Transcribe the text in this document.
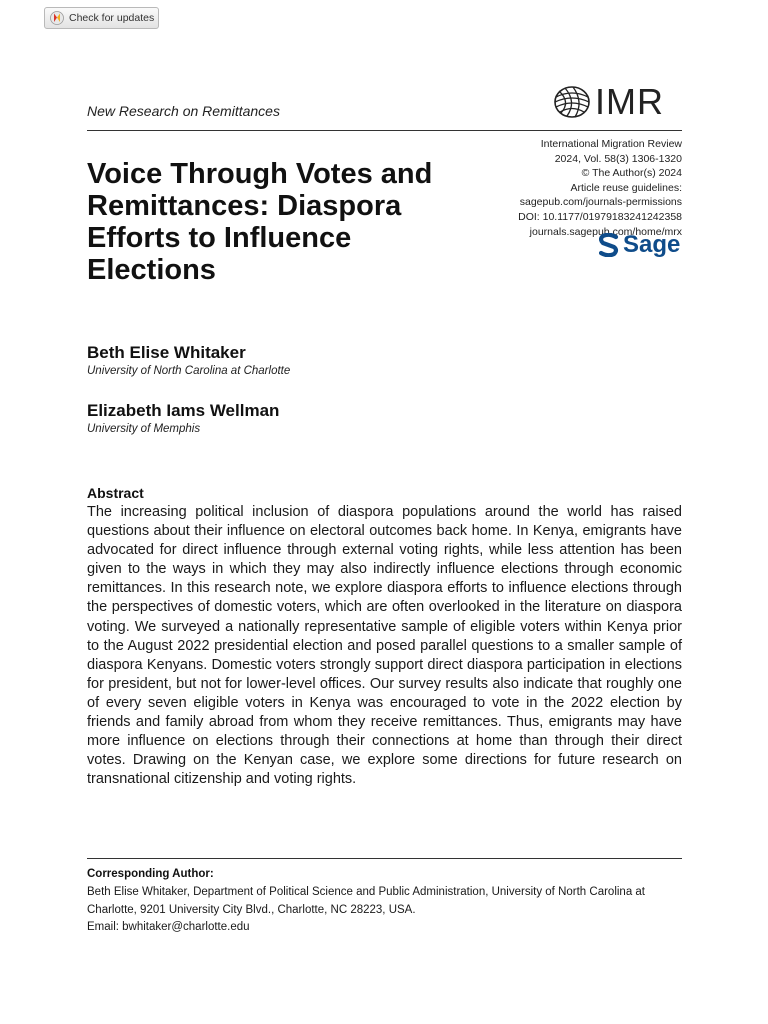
Check for updates
New Research on Remittances	IMR
International Migration Review
2024, Vol. 58(3) 1306-1320
© The Author(s) 2024
Article reuse guidelines:
sagepub.com/journals-permissions
DOI: 10.1177/01979183241242358
journals.sagepub.com/home/mrx
Sage
Voice Through Votes and Remittances: Diaspora Efforts to Influence Elections
Beth Elise Whitaker
University of North Carolina at Charlotte
Elizabeth Iams Wellman
University of Memphis
Abstract
The increasing political inclusion of diaspora populations around the world has raised questions about their influence on electoral outcomes back home. In Kenya, emigrants have advocated for direct influence through external voting rights, while less attention has been given to the ways in which they may also indirectly influence elections through economic remittances. In this research note, we explore diaspora efforts to influence elections through the perspectives of domestic voters, which are often overlooked in the literature on diaspora voting. We surveyed a nationally representative sample of eligible voters within Kenya prior to the August 2022 presidential election and posed parallel questions to a smaller sample of diaspora Kenyans. Domestic voters strongly support direct diaspora participation in elections for president, but not for lower-level offices. Our survey results also indicate that roughly one of every seven eligible voters in Kenya was encouraged to vote in the 2022 election by friends and family abroad from whom they receive remittances. Thus, emigrants may have more influence on elections through their connections at home than through their direct votes. Drawing on the Kenyan case, we explore some directions for future research on transnational citizenship and voting rights.
Corresponding Author:
Beth Elise Whitaker, Department of Political Science and Public Administration, University of North Carolina at Charlotte, 9201 University City Blvd., Charlotte, NC 28223, USA.
Email: bwhitaker@charlotte.edu
